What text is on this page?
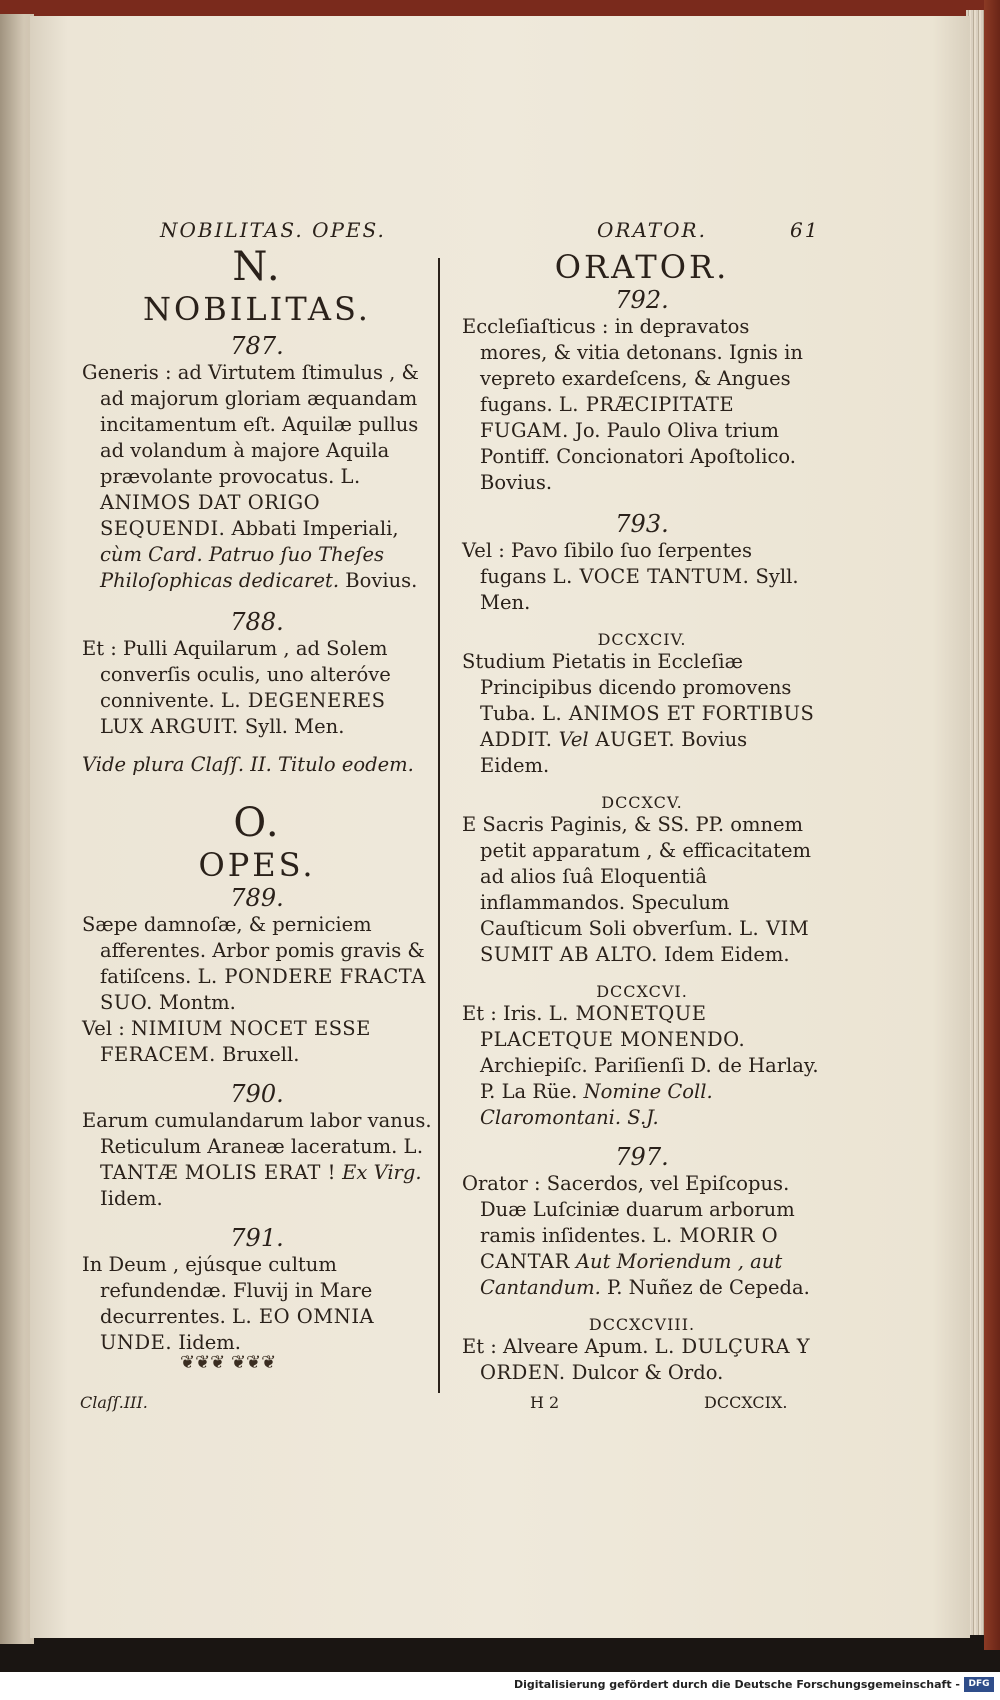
NOBILITAS. OPES.	ORATOR.	61
N.
NOBILITAS.
787.

Generis : ad Virtutem ſtimulus , & ad majorum gloriam æquandam incitamentum eſt. Aquilæ pullus ad volandum à majore Aquila prævolante provocatus. L. ANIMOS DAT ORIGO SEQUENDI. Abbati Imperiali, cùm Card. Patruo ſuo Theſes Philoſophicas dedicaret. Bovius.

788.

Et : Pulli Aquilarum , ad Solem converſis oculis, uno alteróve connivente. L. DEGENERES LUX ARGUIT. Syll. Men.

Vide plura Claſſ. II. Titulo eodem.
O.
OPES.
789.

Sæpe damnoſæ, & perniciem afferentes. Arbor pomis gravis & fatiſcens. L. PONDERE FRACTA SUO. Montm.

Vel : NIMIUM NOCET ESSE FERACEM. Bruxell.

790.

Earum cumulandarum labor vanus. Reticulum Araneæ laceratum. L. TANTÆ MOLIS ERAT ! Ex Virg. Iidem.

791.

In Deum , ejúsque cultum refundendæ. Fluvij in Mare decurrentes. L. EO OMNIA UNDE. Iidem.

❦❦❦ ❦❦❦
Claſſ.III.
ORATOR.
792.

Eccleſiaſticus : in depravatos mores, & vitia detonans. Ignis in vepreto exardeſcens, & Angues fugans. L. PRÆCIPITATE FUGAM. Jo. Paulo Oliva trium Pontiff. Concionatori Apoſtolico. Bovius.

793.

Vel : Pavo ſibilo ſuo ſerpentes fugans L. VOCE TANTUM. Syll. Men.

DCCXCIV.

Studium Pietatis in Eccleſiæ Principibus dicendo promovens Tuba. L. ANIMOS ET FORTIBUS ADDIT. Vel AUGET. Bovius Eidem.

DCCXCV.

E Sacris Paginis, & SS. PP. omnem petit apparatum , & efficacitatem ad alios ſuâ Eloquentiâ inflammandos. Speculum Cauſticum Soli obverſum. L. VIM SUMIT AB ALTO. Idem Eidem.

DCCXCVI.

Et : Iris. L. MONETQUE PLACETQUE MONENDO. Archiepiſc. Pariſienſi D. de Harlay. P. La Rüe. Nomine Coll. Claromontani. S.J.

797.

Orator : Sacerdos, vel Epiſcopus. Duæ Luſciniæ duarum arborum ramis inſidentes. L. MORIR O CANTAR Aut Moriendum , aut Cantandum. P. Nuñez de Cepeda.

DCCXCVIII.

Et : Alveare Apum. L. DULÇURA Y ORDEN. Dulcor & Ordo.

H 2	DCCXCIX.
Digitalisierung gefördert durch die Deutsche Forschungsgemeinschaft - DFG
